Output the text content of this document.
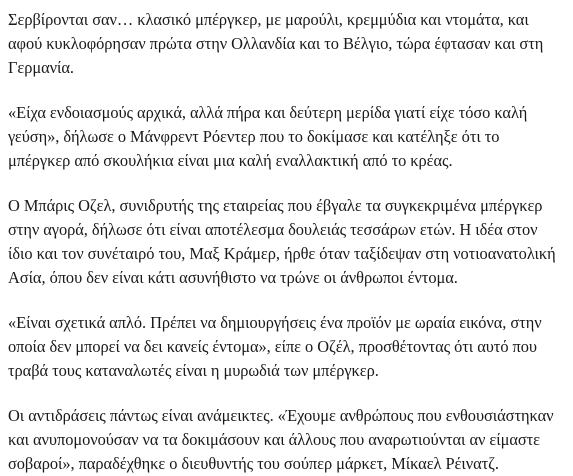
Σερβίρονται σαν… κλασικό μπέργκερ, με μαρούλι, κρεμμύδια και ντομάτα, και αφού κυκλοφόρησαν πρώτα στην Ολλανδία και το Βέλγιο, τώρα έφτασαν και στη Γερμανία.

«Είχα ενδοιασμούς αρχικά, αλλά πήρα και δεύτερη μερίδα γιατί είχε τόσο καλή γεύση», δήλωσε ο Μάνφρεντ Ρόεντερ που το δοκίμασε και κατέληξε ότι το μπέργκερ από σκουλήκια είναι μια καλή εναλλακτική από το κρέας.

Ο Μπάρις Οζελ, συνιδρυτής της εταιρείας που έβγαλε τα συγκεκριμένα μπέργκερ στην αγορά, δήλωσε ότι είναι αποτέλεσμα δουλειάς τεσσάρων ετών. Η ιδέα στον ίδιο και τον συνέταιρό του, Μαξ Κράμερ, ήρθε όταν ταξίδεψαν στη νοτιοανατολική Ασία, όπου δεν είναι κάτι ασυνήθιστο να τρώνε οι άνθρωποι έντομα.

«Είναι σχετικά απλό. Πρέπει να δημιουργήσεις ένα προϊόν με ωραία εικόνα, στην οποία δεν μπορεί να δει κανείς έντομα», είπε ο Οζέλ, προσθέτοντας ότι αυτό που τραβά τους καταναλωτές είναι η μυρωδιά των μπέργκερ.

Οι αντιδράσεις πάντως είναι ανάμεικτες. «Έχουμε ανθρώπους που ενθουσιάστηκαν και ανυπομονούσαν να τα δοκιμάσουν και άλλους που αναρωτιούνται αν είμαστε σοβαροί», παραδέχθηκε ο διευθυντής του σούπερ μάρκετ, Μίκαελ Ρέινατζ.
